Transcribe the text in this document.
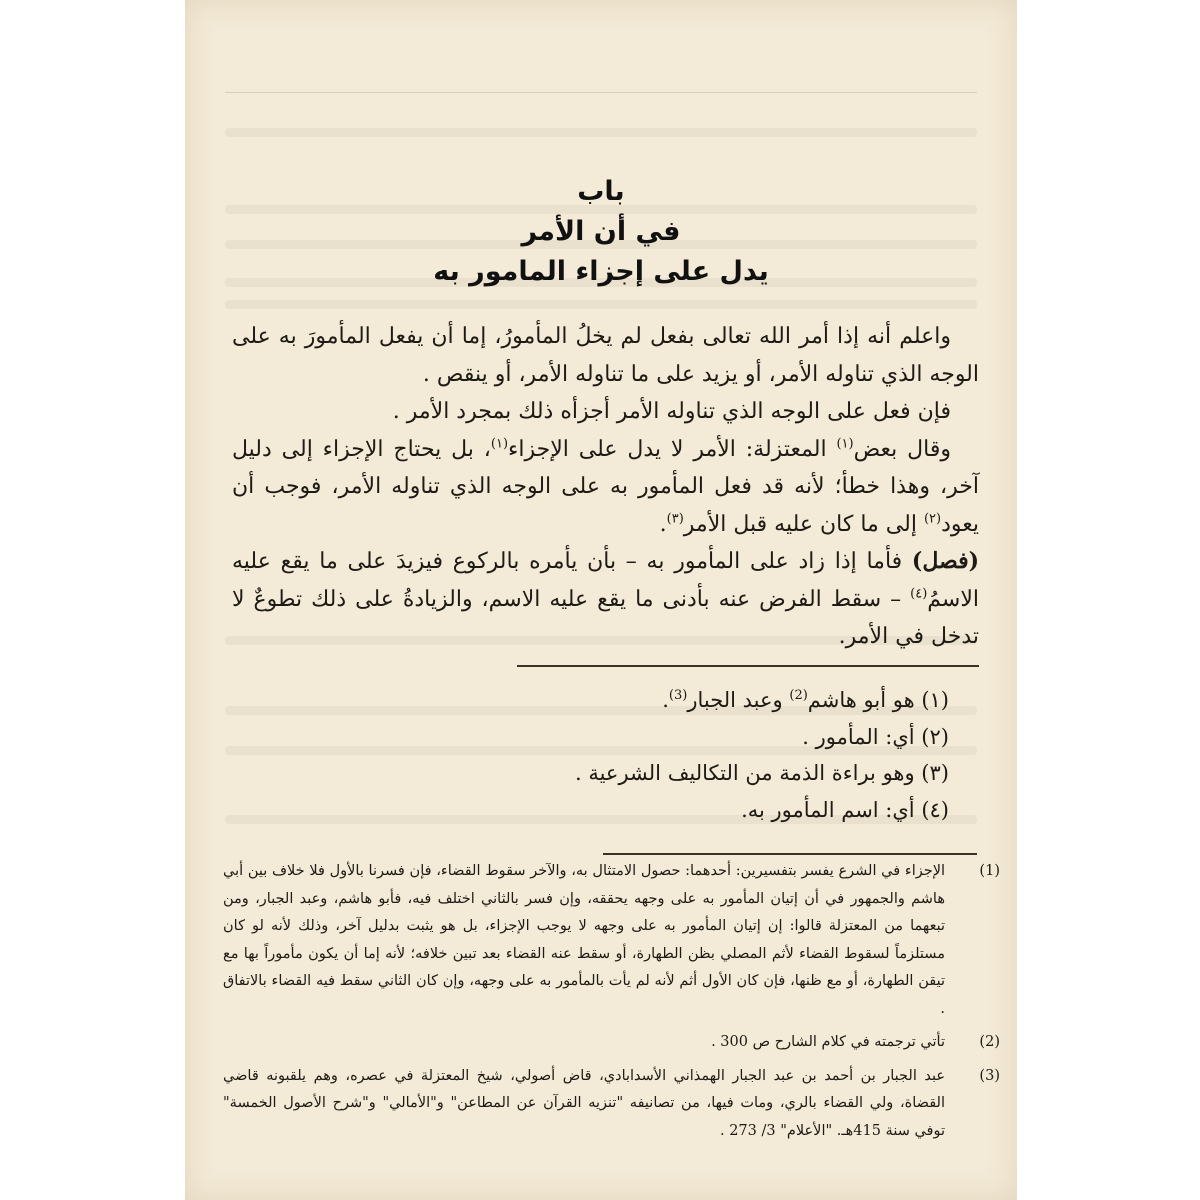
باب

في أن الأمر

يدل على إجزاء المامور به

واعلم أنه إذا أمر الله تعالى بفعل لم يخلُ المأمورُ، إما أن يفعل المأمورَ به على الوجه الذي تناوله الأمر، أو يزيد على ما تناوله الأمر، أو ينقص .

فإن فعل على الوجه الذي تناوله الأمر أجزأه ذلك بمجرد الأمر .

وقال بعض$^{(١)}$ المعتزلة: الأمر لا يدل على الإجزاء$^{(١)}$، بل يحتاج الإجزاء إلى دليل آخر، وهذا خطأ؛ لأنه قد فعل المأمور به على الوجه الذي تناوله الأمر، فوجب أن يعود$^{(٢)}$ إلى ما كان عليه قبل الأمر$^{(٣)}$.

(فصل) فأما إذا زاد على المأمور به – بأن يأمره بالركوع فيزيدَ على ما يقع عليه الاسمُ$^{(٤)}$ – سقط الفرض عنه بأدنى ما يقع عليه الاسم، والزيادةُ على ذلك تطوعٌ لا تدخل في الأمر.

(١) هو أبو هاشم$^{(2)}$ وعبد الجبار$^{(3)}$.

(٢) أي: المأمور .

(٣) وهو براءة الذمة من التكاليف الشرعية .

(٤) أي: اسم المأمور به.

(1)
الإجزاء في الشرع يفسر بتفسيرين: أحدهما: حصول الامتثال به، والآخر سقوط القضاء، فإن فسرنا بالأول فلا خلاف بين أبي هاشم والجمهور في أن إتيان المأمور به على وجهه يحققه، وإن فسر بالثاني اختلف فيه، فأبو هاشم، وعبد الجبار، ومن تبعهما من المعتزلة قالوا: إن إتيان المأمور به على وجهه لا يوجب الإجزاء، بل هو يثبت بدليل آخر، وذلك لأنه لو كان مستلزماً لسقوط القضاء لأثم المصلي بظن الطهارة، أو سقط عنه القضاء بعد تبين خلافه؛ لأنه إما أن يكون مأموراً بها مع تيقن الطهارة، أو مع ظنها، فإن كان الأول أثم لأنه لم يأت بالمأمور به على وجهه، وإن كان الثاني سقط فيه القضاء بالاتفاق .
(2)
تأتي ترجمته في كلام الشارح ص 300 .
(3)
عبد الجبار بن أحمد بن عبد الجبار الهمذاني الأسدابادي، قاض أصولي، شيخ المعتزلة في عصره، وهم يلقبونه قاضي القضاة، ولي القضاء بالري، ومات فيها، من تصانيفه "تنزيه القرآن عن المطاعن" و"الأمالي" و"شرح الأصول الخمسة" توفي سنة 415هـ. "الأعلام" 3/ 273 .
